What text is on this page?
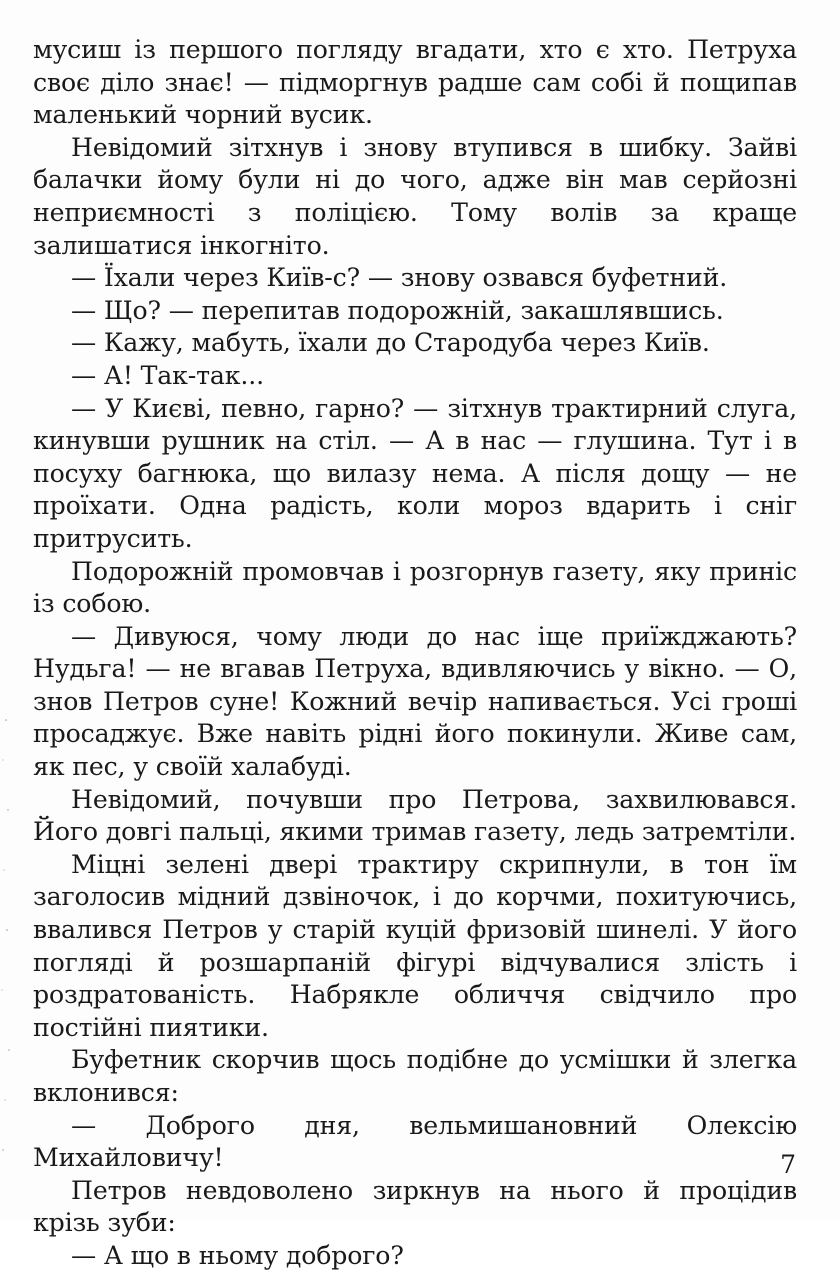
мусиш із першого погляду вгадати, хто є хто. Петруха своє діло знає! — підморгнув радше сам собі й пощипав маленький чорний вусик.

Невідомий зітхнув і знову втупився в шибку. Зайві балачки йому були ні до чого, адже він мав серйозні неприємності з поліцією. Тому волів за краще залишатися інкогніто.

— Їхали через Київ-с? — знову озвався буфетний.

— Що? — перепитав подорожній, закашлявшись.

— Кажу, мабуть, їхали до Стародуба через Київ.

— А! Так-так...

— У Києві, певно, гарно? — зітхнув трактирний слуга, кинувши рушник на стіл. — А в нас — глушина. Тут і в посуху багнюка, що вилазу нема. А після дощу — не проїхати. Одна радість, коли мороз вдарить і сніг притрусить.

Подорожній промовчав і розгорнув газету, яку приніс із собою.

— Дивуюся, чому люди до нас іще приїжджають? Нудьга! — не вгавав Петруха, вдивляючись у вікно. — О, знов Петров суне! Кожний вечір напивається. Усі гроші просаджує. Вже навіть рідні його покинули. Живе сам, як пес, у своїй халабуді.

Невідомий, почувши про Петрова, захвилювався. Його довгі пальці, якими тримав газету, ледь затремтіли.

Міцні зелені двері трактиру скрипнули, в тон їм заголосив мідний дзвіночок, і до корчми, похитуючись, ввалився Петров у старій куцій фризовій шинелі. У його погляді й розшарпаній фігурі відчувалися злість і роздратованість. Набрякле обличчя свідчило про постійні пиятики.

Буфетник скорчив щось подібне до усмішки й злегка вклонився:

— Доброго дня, вельмишановний Олексію Михайловичу!

Петров невдоволено зиркнув на нього й процідив крізь зуби:

— А що в ньому доброго?

7
